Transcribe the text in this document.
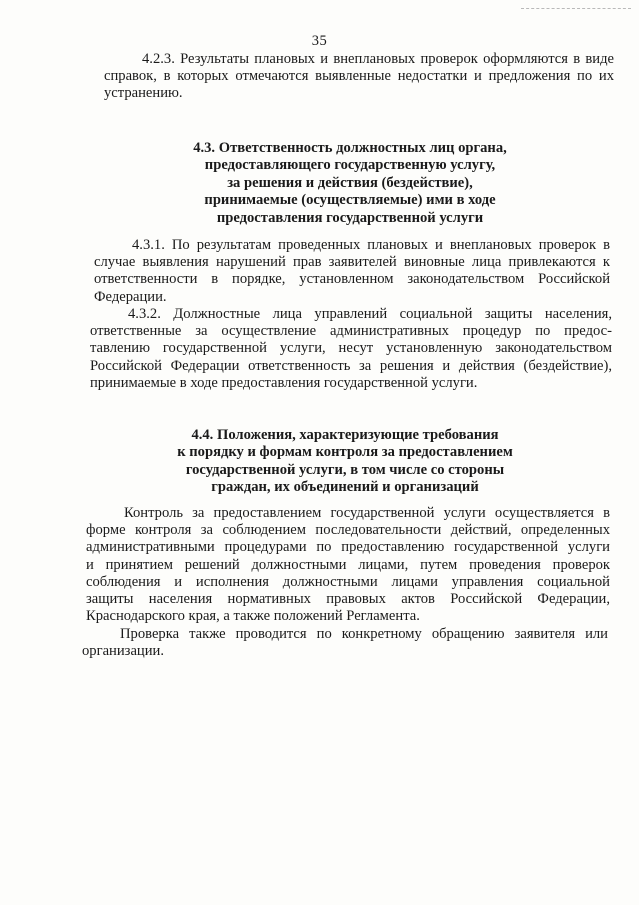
35
4.2.3. Результаты плановых и внеплановых проверок оформляются в виде
справок, в которых отмечаются выявленные недостатки и предложения по их
устранению.
4.3. Ответственность должностных лиц органа,
предоставляющего государственную услугу,
за решения и действия (бездействие),
принимаемые (осуществляемые) ими в ходе
предоставления государственной услуги
4.3.1. По результатам проведенных плановых и внеплановых проверок в
случае выявления нарушений прав заявителей виновные лица привлекаются к
ответственности в порядке, установленном законодательством Российской
Федерации.
4.3.2. Должностные лица управлений социальной защиты населения,
ответственные за осуществление административных процедур по предос-
тавлению государственной услуги, несут установленную законодательством
Российской Федерации ответственность за решения и действия (бездействие),
принимаемые в ходе предоставления государственной услуги.
4.4. Положения, характеризующие требования
к порядку и формам контроля за предоставлением
государственной услуги, в том числе со стороны
граждан, их объединений и организаций
Контроль за предоставлением государственной услуги осуществляется в
форме контроля за соблюдением последовательности действий, определенных
административными процедурами по предоставлению государственной услуги
и принятием решений должностными лицами, путем проведения проверок
соблюдения и исполнения должностными лицами управления социальной
защиты населения нормативных правовых актов Российской Федерации,
Краснодарского края, а также положений Регламента.
Проверка также проводится по конкретному обращению заявителя или
организации.
